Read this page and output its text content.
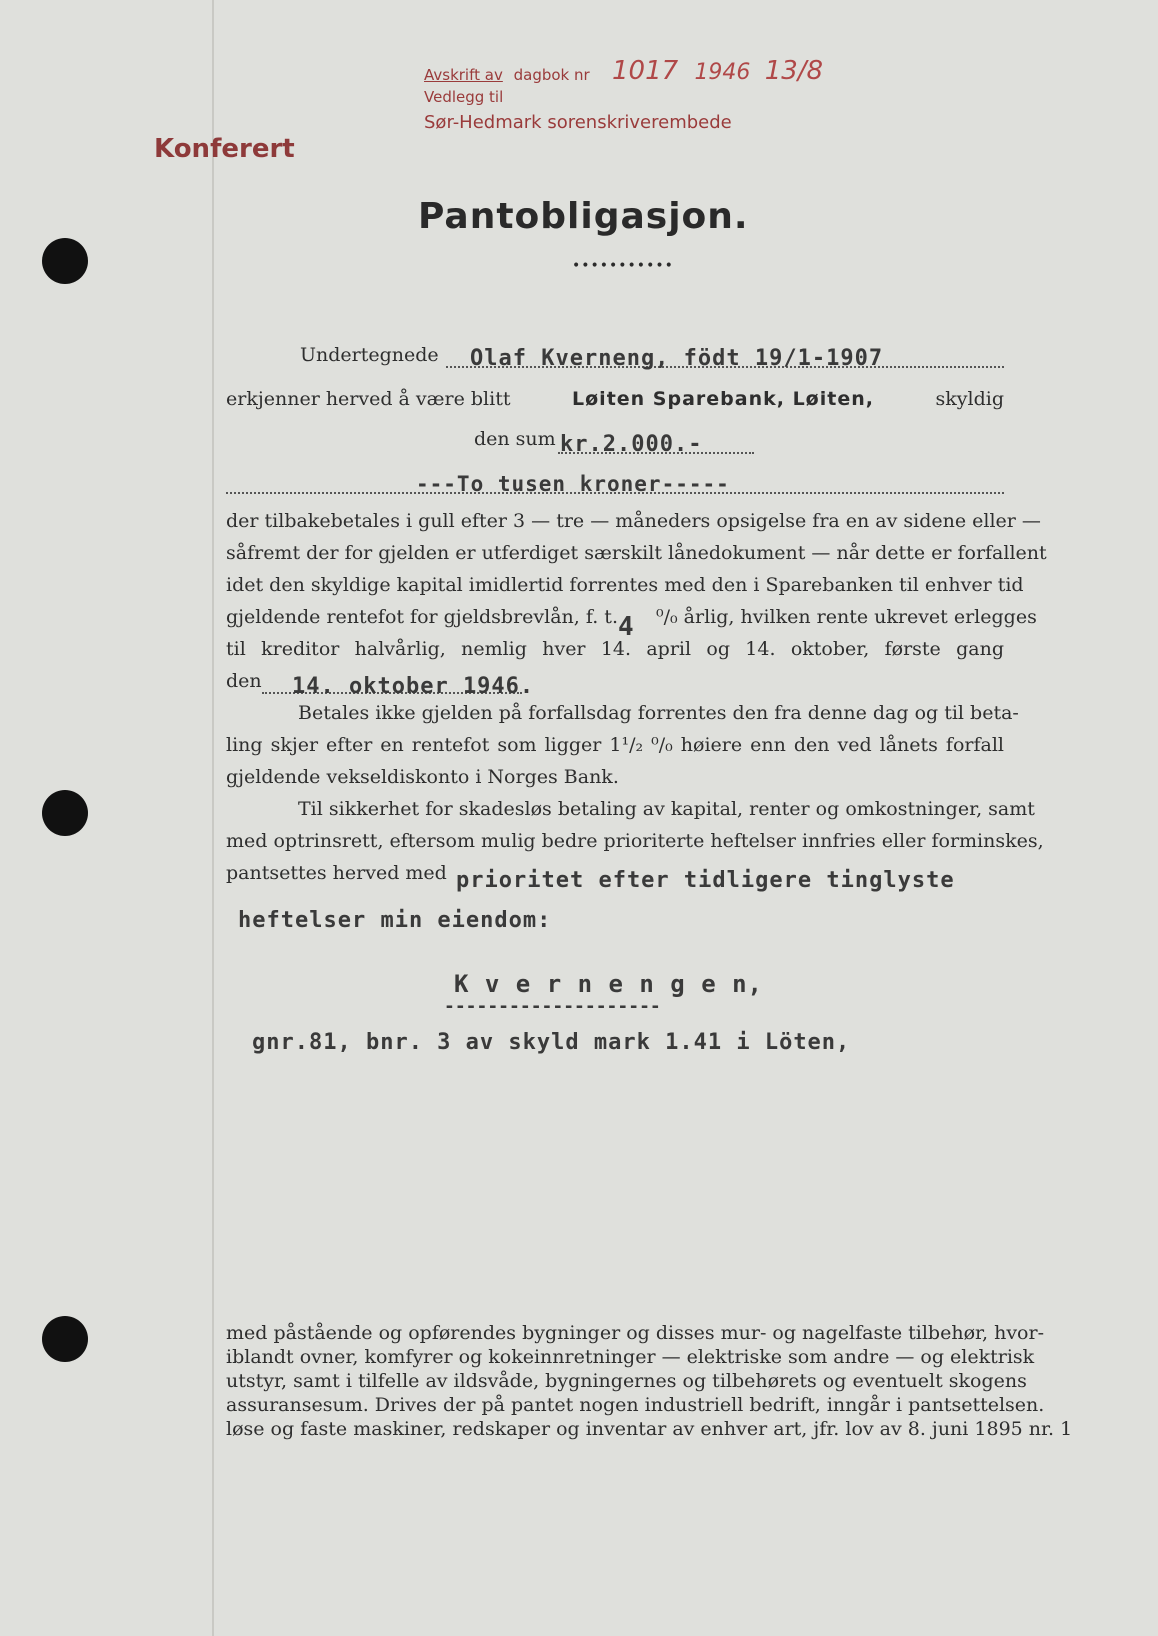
Avskrift av dagbok nr 1017 1946 13/8
Vedlegg til
Sør-Hedmark sorenskriverembede
Konferert
Pantobligasjon.
•••••••••••
Undertegnede Olaf Kverneng, födt 19/1-1907
erkjenner herved å være blitt	Løiten Sparebank, Løiten,	skyldig
den sum kr.2.000.-
---To tusen kroner-----
der tilbakebetales i gull efter 3 — tre — måneders opsigelse fra en av sidene eller —
såfremt der for gjelden er utferdiget særskilt lånedokument — når dette er forfallent
idet den skyldige kapital imidlertid forrentes med den i Sparebanken til enhver tid
gjeldende rentefot for gjeldsbrevlån, f. t. 4 ⁰/₀ årlig, hvilken rente ukrevet erlegges
til kreditor halvårlig, nemlig hver 14. april og 14. oktober, første gang
den 14. oktober 1946.
Betales ikke gjelden på forfallsdag forrentes den fra denne dag og til beta-
ling skjer efter en rentefot som ligger 1¹/₂ ⁰/₀ høiere enn den ved lånets forfall
gjeldende vekseldiskonto i Norges Bank.
Til sikkerhet for skadesløs betaling av kapital, renter og omkostninger, samt
med optrinsrett, eftersom mulig bedre prioriterte heftelser innfries eller forminskes,
pantsettes herved med prioritet efter tidligere tinglyste
heftelser min eiendom:
K v e r n e n g e n,
--------------------
gnr.81, bnr. 3 av skyld mark 1.41 i Löten,
med påstående og opførendes bygninger og disses mur- og nagelfaste tilbehør, hvor-
iblandt ovner, komfyrer og kokeinnretninger — elektriske som andre — og elektrisk
utstyr, samt i tilfelle av ildsvåde, bygningernes og tilbehørets og eventuelt skogens
assuransesum. Drives der på pantet nogen industriell bedrift, inngår i pantsettelsen.
løse og faste maskiner, redskaper og inventar av enhver art, jfr. lov av 8. juni 1895 nr. 1
